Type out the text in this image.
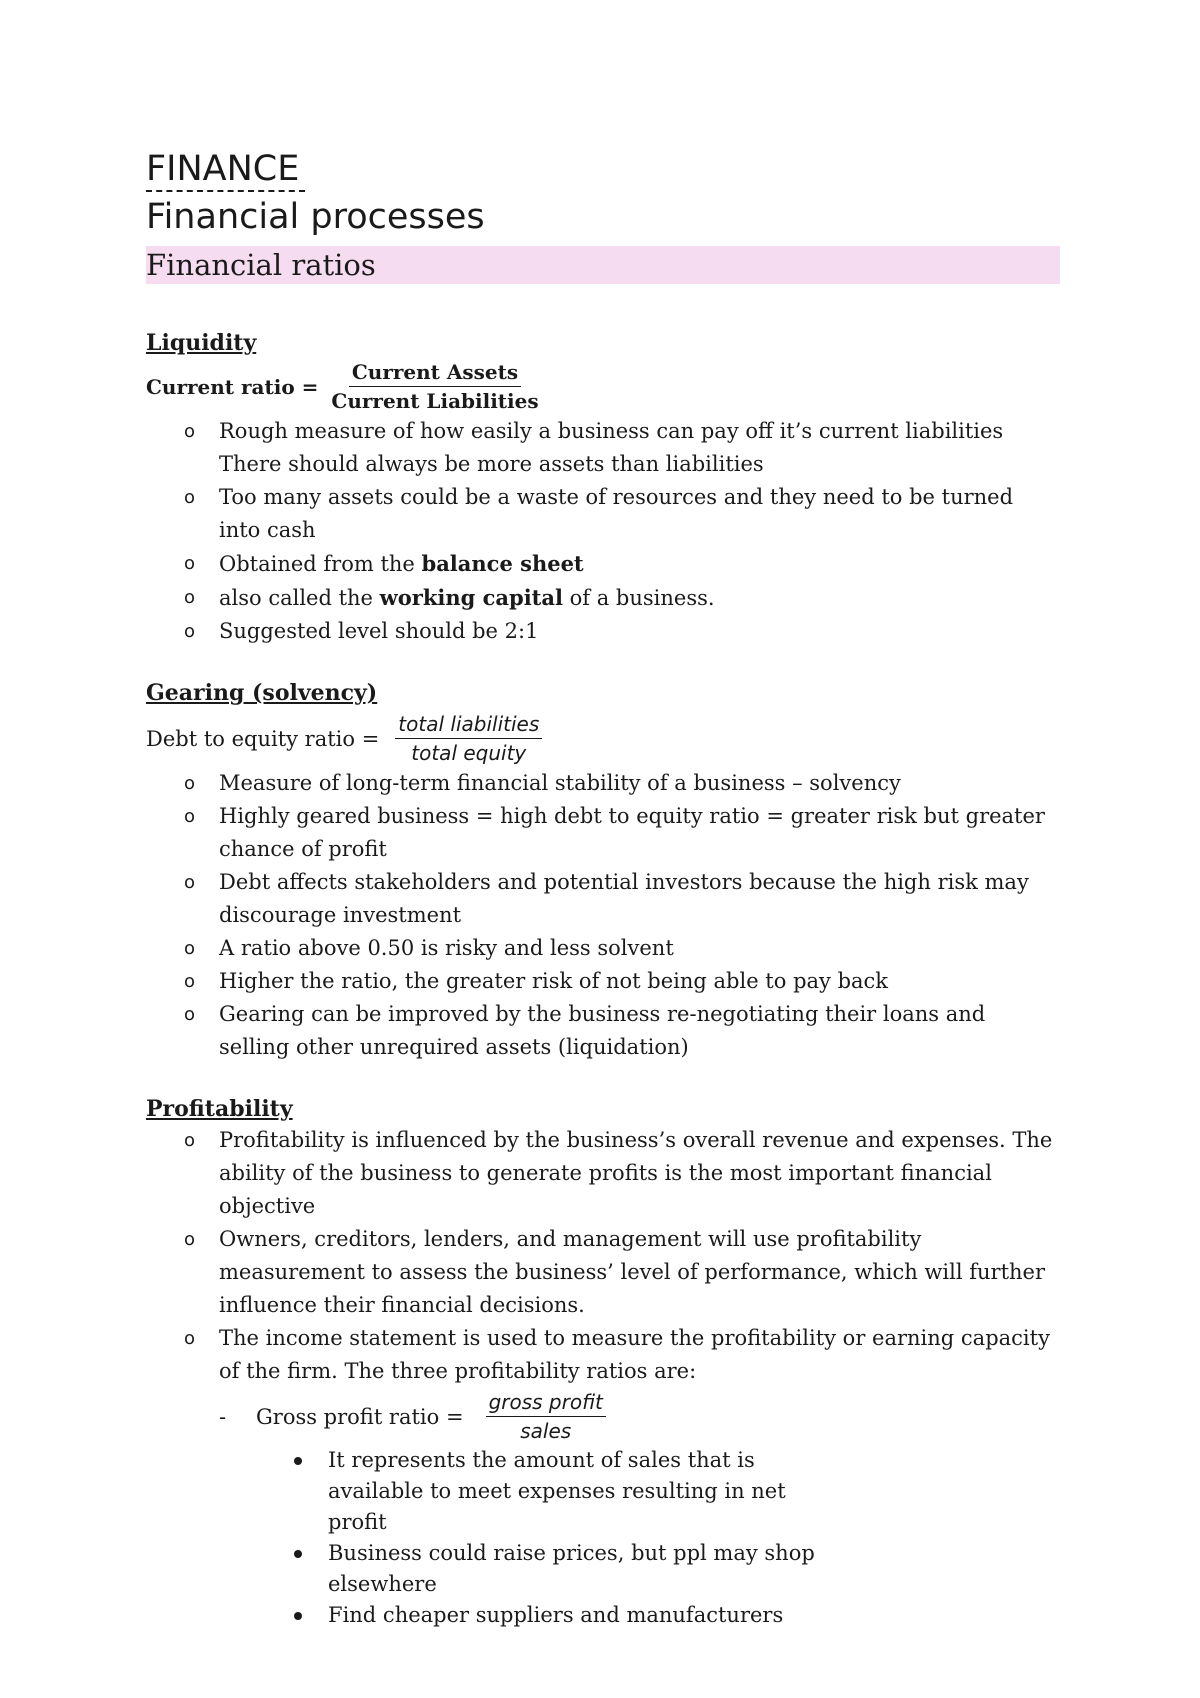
FINANCE
Financial processes
Financial ratios
Liquidity
Current ratio = $\frac{\text{Current Assets}}{\text{Current Liabilities}}$
o Rough measure of how easily a business can pay off it’s current liabilities
There should always be more assets than liabilities
o Too many assets could be a waste of resources and they need to be turned into cash
o Obtained from the balance sheet
o also called the working capital of a business.
o Suggested level should be 2:1
Gearing (solvency)
Debt to equity ratio = $\frac{\text{total liabilities}}{\text{total equity}}$
o Measure of long-term financial stability of a business – solvency
o Highly geared business = high debt to equity ratio = greater risk but greater chance of profit
o Debt affects stakeholders and potential investors because the high risk may discourage investment
o A ratio above 0.50 is risky and less solvent
o Higher the ratio, the greater risk of not being able to pay back
o Gearing can be improved by the business re-negotiating their loans and selling other unrequired assets (liquidation)
Profitability
o Profitability is influenced by the business’s overall revenue and expenses. The ability of the business to generate profits is the most important financial objective
o Owners, creditors, lenders, and management will use profitability measurement to assess the business’ level of performance, which will further influence their financial decisions.
o The income statement is used to measure the profitability or earning capacity of the firm. The three profitability ratios are:
- Gross profit ratio = $\frac{\text{gross profit}}{\text{sales}}$
It represents the amount of sales that is available to meet expenses resulting in net profit
Business could raise prices, but ppl may shop elsewhere
Find cheaper suppliers and manufacturers
